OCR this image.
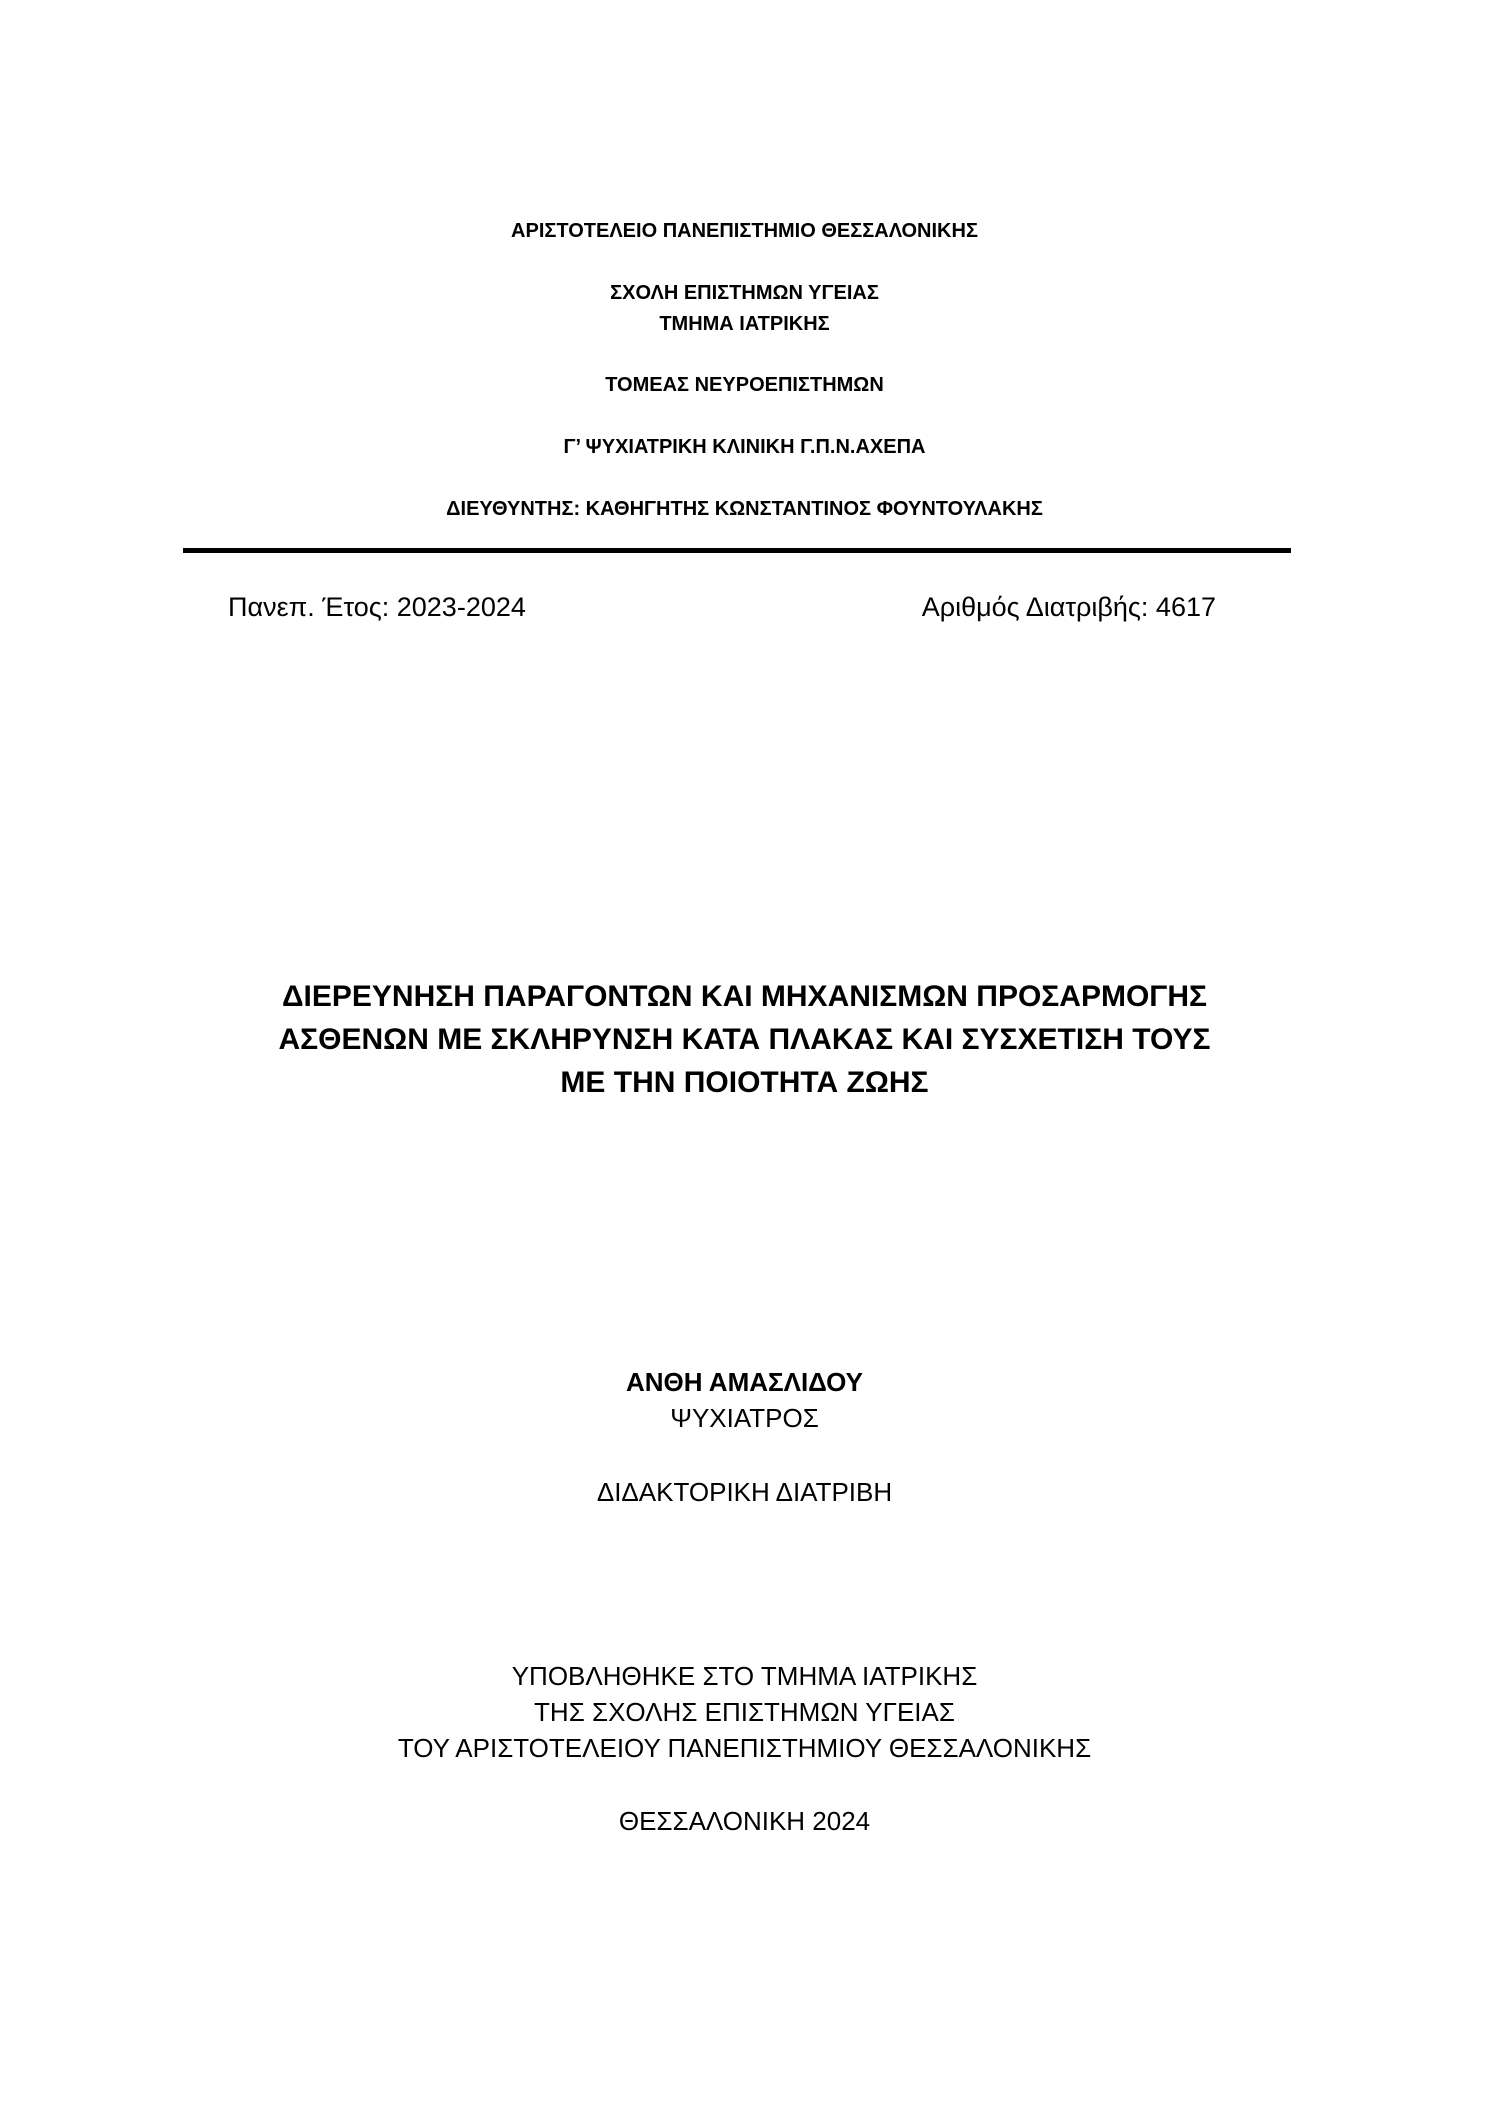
ΑΡΙΣΤΟΤΕΛΕΙΟ ΠΑΝΕΠΙΣΤΗΜΙΟ ΘΕΣΣΑΛΟΝΙΚΗΣ
ΣΧΟΛΗ ΕΠΙΣΤΗΜΩΝ ΥΓΕΙΑΣ
ΤΜΗΜΑ ΙΑΤΡΙΚΗΣ
ΤΟΜΕΑΣ ΝΕΥΡΟΕΠΙΣΤΗΜΩΝ
Γ’ ΨΥΧΙΑΤΡΙΚΗ ΚΛΙΝΙΚΗ Γ.Π.Ν.ΑΧΕΠΑ
ΔΙΕΥΘΥΝΤΗΣ: ΚΑΘΗΓΗΤΗΣ ΚΩΝΣΤΑΝΤΙΝΟΣ ΦΟΥΝΤΟΥΛΑΚΗΣ
Πανεπ. Έτος: 2023-2024	Αριθμός Διατριβής: 4617
ΔΙΕΡΕΥΝΗΣΗ ΠΑΡΑΓΟΝΤΩΝ ΚΑΙ ΜΗΧΑΝΙΣΜΩΝ ΠΡΟΣΑΡΜΟΓΗΣ
ΑΣΘΕΝΩΝ ΜΕ ΣΚΛΗΡΥΝΣΗ ΚΑΤΑ ΠΛΑΚΑΣ ΚΑΙ ΣΥΣΧΕΤΙΣΗ ΤΟΥΣ
ΜΕ ΤΗΝ ΠΟΙΟΤΗΤΑ ΖΩΗΣ
ΑΝΘΗ ΑΜΑΣΛΙΔΟΥ
ΨΥΧΙΑΤΡΟΣ
ΔΙΔΑΚΤΟΡΙΚΗ ΔΙΑΤΡΙΒΗ
ΥΠΟΒΛΗΘΗΚΕ ΣΤΟ ΤΜΗΜΑ ΙΑΤΡΙΚΗΣ
ΤΗΣ ΣΧΟΛΗΣ ΕΠΙΣΤΗΜΩΝ ΥΓΕΙΑΣ
ΤΟΥ ΑΡΙΣΤΟΤΕΛΕΙΟΥ ΠΑΝΕΠΙΣΤΗΜΙΟΥ ΘΕΣΣΑΛΟΝΙΚΗΣ
ΘΕΣΣΑΛΟΝΙΚΗ 2024
